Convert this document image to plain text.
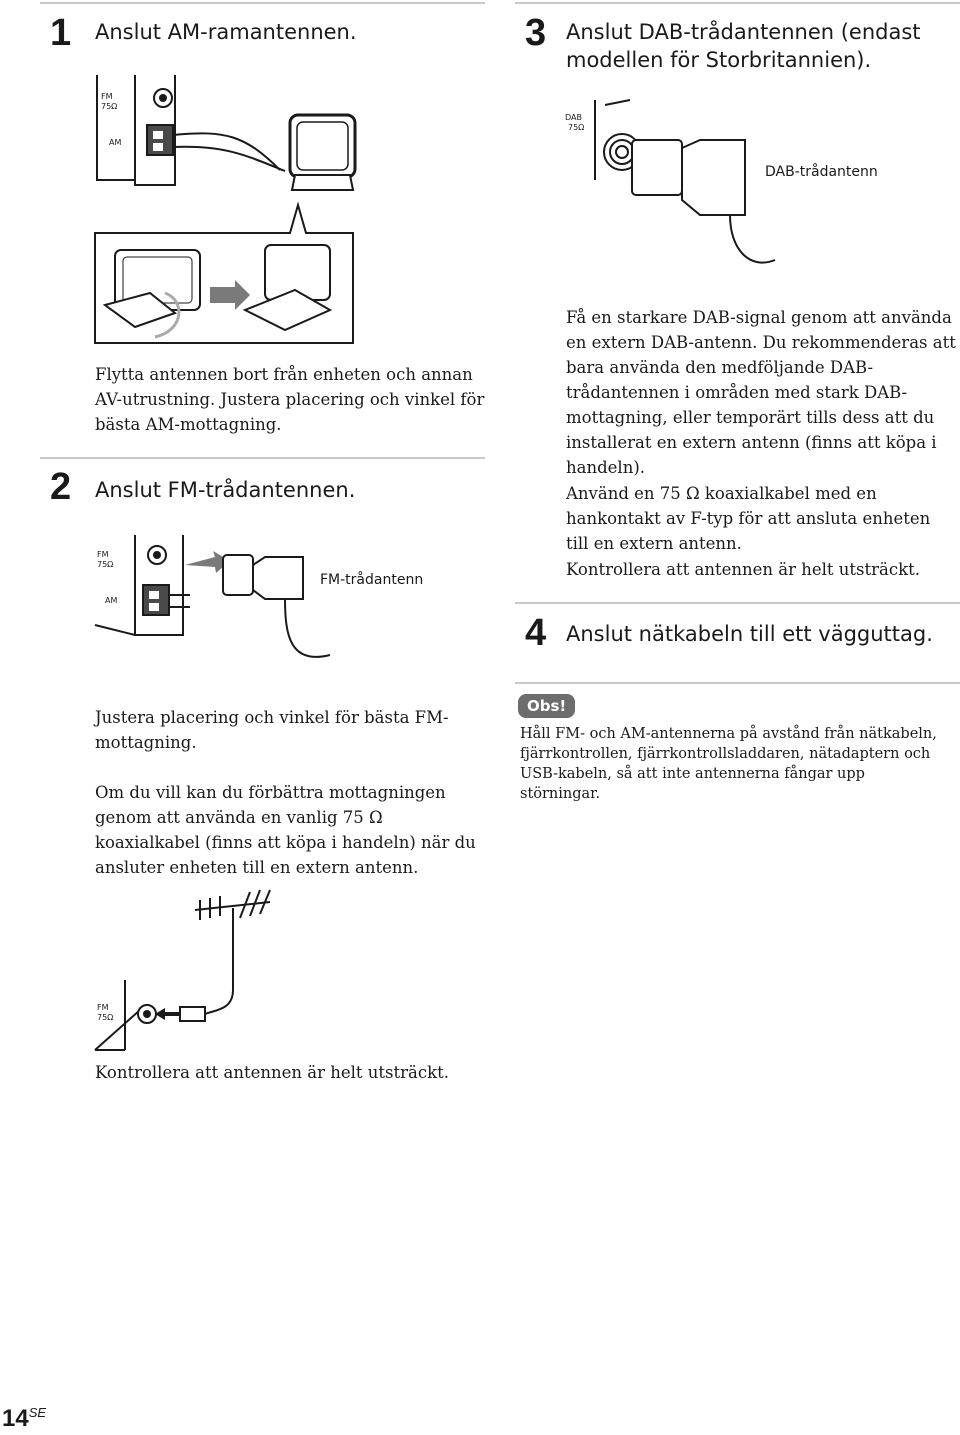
1 Anslut AM-ramantennen.
FM
75Ω
AM

Flytta antennen bort från enheten och annan AV-utrustning. Justera placering och vinkel för bästa AM-mottagning.

2 Anslut FM-trådantennen.
FM
75Ω
AM
FM-trådantenn

Justera placering och vinkel för bästa FM-mottagning.

Om du vill kan du förbättra mottagningen genom att använda en vanlig 75 Ω koaxialkabel (finns att köpa i handeln) när du ansluter enheten till en extern antenn.

FM
75Ω

Kontrollera att antennen är helt utsträckt.

3 Anslut DAB-trådantennen (endast modellen för Storbritannien).
DAB
75Ω
DAB-trådantenn

Få en starkare DAB-signal genom att använda en extern DAB-antenn. Du rekommenderas att bara använda den medföljande DAB-trådantennen i områden med stark DAB-mottagning, eller temporärt tills dess att du installerat en extern antenn (finns att köpa i handeln).

Använd en 75 Ω koaxialkabel med en hankontakt av F-typ för att ansluta enheten till en extern antenn.

Kontrollera att antennen är helt utsträckt.

4 Anslut nätkabeln till ett vägguttag.
Obs!

Håll FM- och AM-antennerna på avstånd från nätkabeln, fjärrkontrollen, fjärrkontrollsladdaren, nätadaptern och USB-kabeln, så att inte antennerna fångar upp störningar.

$14^{SE}$
